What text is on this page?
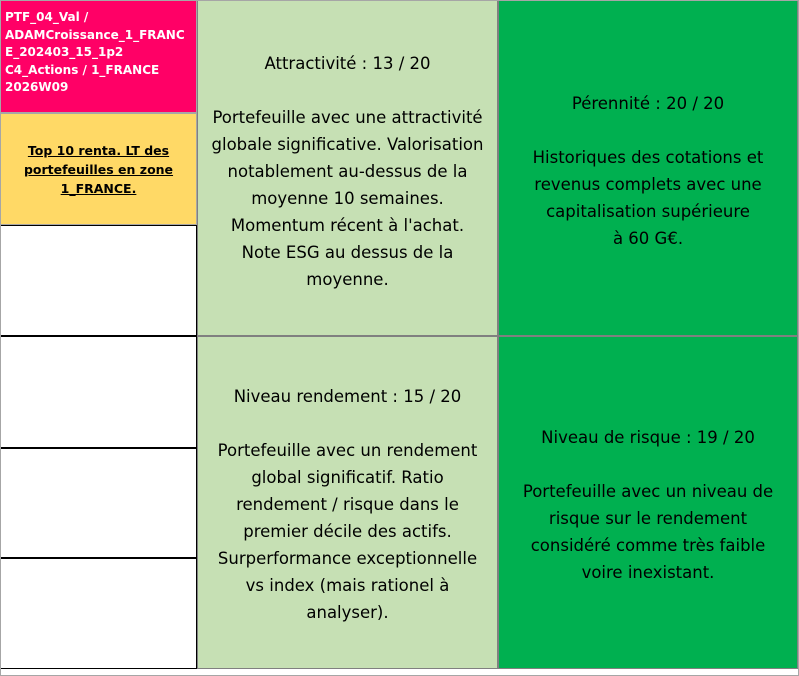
PTF_04_Val /
ADAMCroissance_1_FRANC
E_202403_15_1p2
C4_Actions / 1_FRANCE
2026W09
Top 10 renta. LT des
portefeuilles en zone
1_FRANCE.
Attractivité : 13 / 20
Portefeuille avec une attractivité
globale significative. Valorisation
notablement au-dessus de la
moyenne 10 semaines.
Momentum récent à l'achat.
Note ESG au dessus de la
moyenne.
Pérennité : 20 / 20
Historiques des cotations et
revenus complets avec une
capitalisation supérieure
à 60 G€.
Niveau rendement : 15 / 20
Portefeuille avec un rendement
global significatif. Ratio
rendement / risque dans le
premier décile des actifs.
Surperformance exceptionnelle
vs index (mais rationel à
analyser).
Niveau de risque : 19 / 20
Portefeuille avec un niveau de
risque sur le rendement
considéré comme très faible
voire inexistant.
